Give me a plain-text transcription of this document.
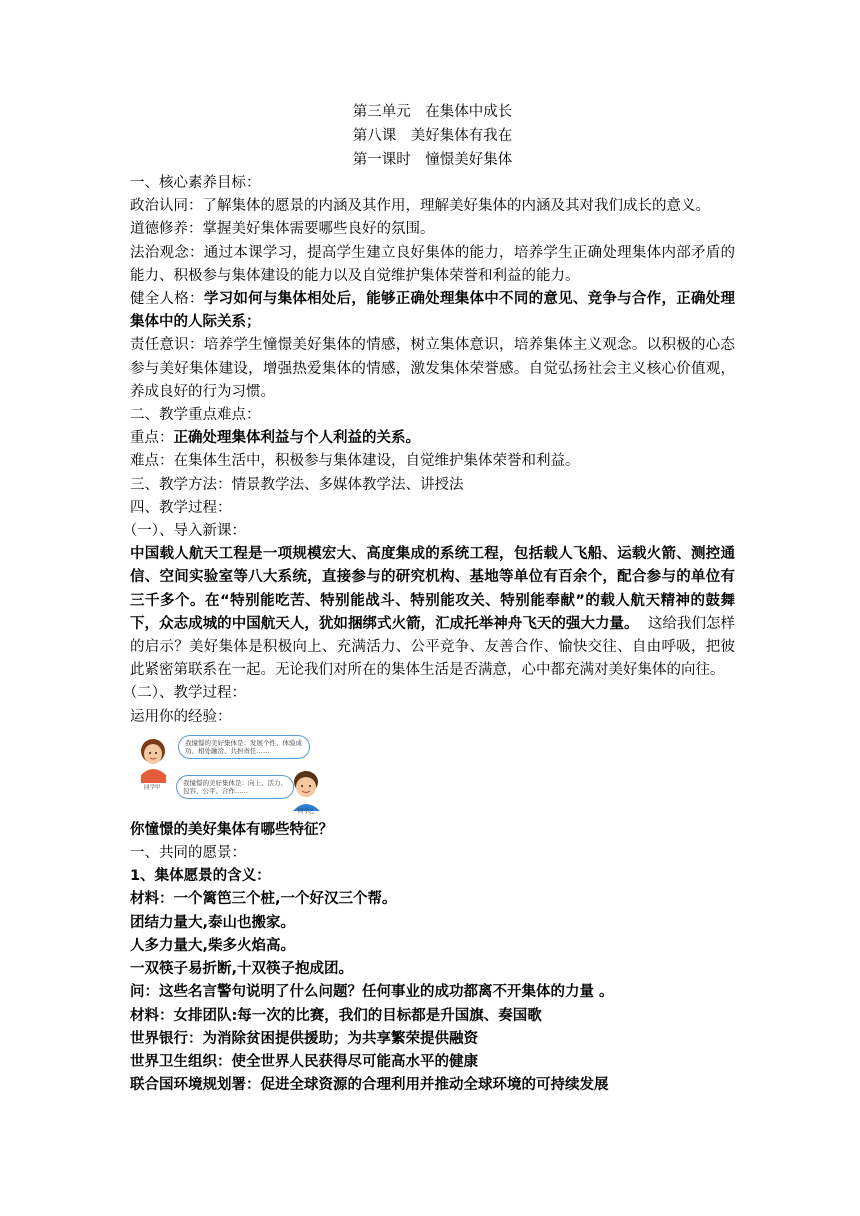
第三单元　在集体中成长

第八课　美好集体有我在

第一课时　憧憬美好集体

一、核心素养目标：

政治认同：了解集体的愿景的内涵及其作用，理解美好集体的内涵及其对我们成长的意义。

道德修养：掌握美好集体需要哪些良好的氛围。

法治观念：通过本课学习，提高学生建立良好集体的能力，培养学生正确处理集体内部矛盾的能力、积极参与集体建设的能力以及自觉维护集体荣誉和利益的能力。

健全人格：学习如何与集体相处后，能够正确处理集体中不同的意见、竞争与合作，正确处理集体中的人际关系；

责任意识：培养学生憧憬美好集体的情感，树立集体意识，培养集体主义观念。以积极的心态参与美好集体建设，增强热爱集体的情感，激发集体荣誉感。自觉弘扬社会主义核心价值观，养成良好的行为习惯。

二、教学重点难点：

重点：正确处理集体利益与个人利益的关系。

难点：在集体生活中，积极参与集体建设，自觉维护集体荣誉和利益。

三、教学方法：情景教学法、多媒体教学法、讲授法

四、教学过程：

（一）、导入新课：

中国载人航天工程是一项规模宏大、高度集成的系统工程，包括载人飞船、运载火箭、测控通信、空间实验室等八大系统，直接参与的研究机构、基地等单位有百余个，配合参与的单位有三千多个。在“特别能吃苦、特别能战斗、特别能攻关、特别能奉献”的载人航天精神的鼓舞下，众志成城的中国航天人，犹如捆绑式火箭，汇成托举神舟飞天的强大力量。 这给我们怎样的启示？美好集体是积极向上、充满活力、公平竞争、友善合作、愉快交往、自由呼吸，把彼此紧密第联系在一起。无论我们对所在的集体生活是否满意，心中都充满对美好集体的向往。

（二）、教学过程：

运用你的经验：

我憧憬的美好集体是：发展个性、体验成功、相处融洽、共担责任……
我憧憬的美好集体是：向上、活力、包容、公平、合作……
同学甲
同学乙

你憧憬的美好集体有哪些特征？

一、共同的愿景：

1、集体愿景的含义：

材料：一个篱笆三个桩,一个好汉三个帮。

团结力量大,泰山也搬家。

人多力量大,柴多火焰高。

一双筷子易折断,十双筷子抱成团。

问：这些名言警句说明了什么问题？任何事业的成功都离不开集体的力量 。

材料：女排团队:每一次的比赛，我们的目标都是升国旗、奏国歌

世界银行：为消除贫困提供援助；为共享繁荣提供融资

世界卫生组织：使全世界人民获得尽可能高水平的健康

联合国环境规划署：促进全球资源的合理利用并推动全球环境的可持续发展
